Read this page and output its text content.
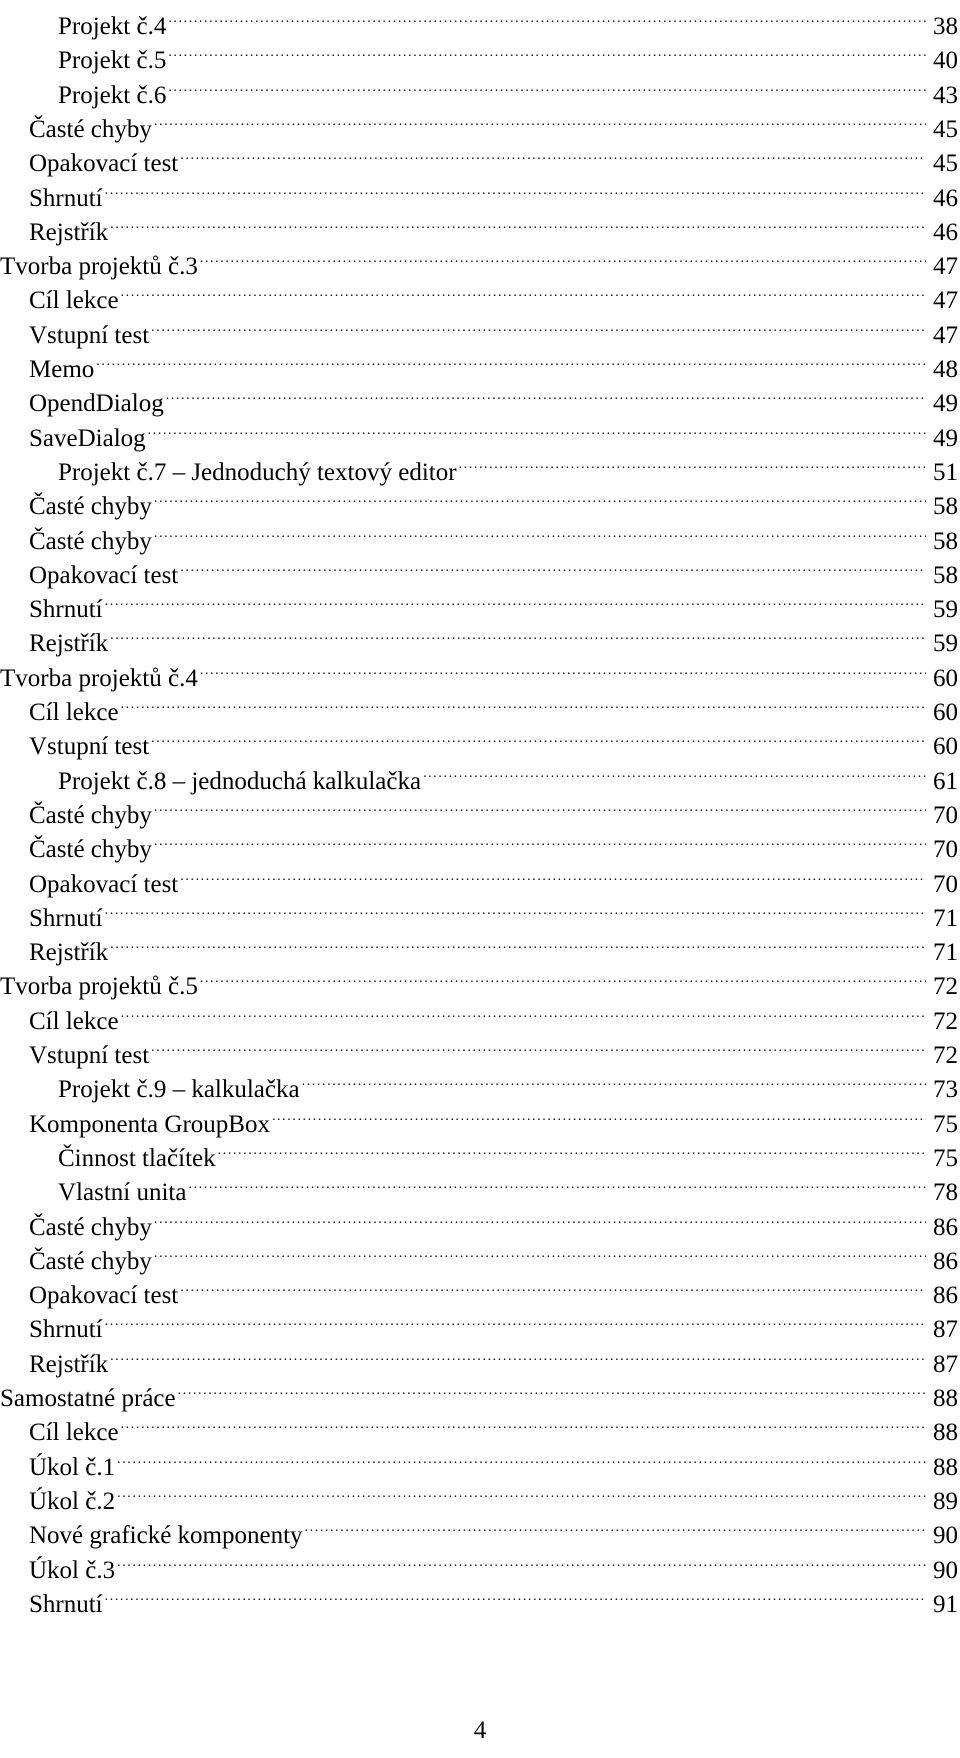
Projekt č.4 .....	38
Projekt č.5 .....	40
Projekt č.6 .....	43
Časté chyby .....	45
Opakovací test .....	45
Shrnutí .....	46
Rejstřík .....	46
Tvorba projektů č.3 .....	47
Cíl lekce .....	47
Vstupní test .....	47
Memo .....	48
OpendDialog .....	49
SaveDialog .....	49
Projekt č.7 – Jednoduchý textový editor .....	51
Časté chyby .....	58
Časté chyby .....	58
Opakovací test .....	58
Shrnutí .....	59
Rejstřík .....	59
Tvorba projektů č.4 .....	60
Cíl lekce .....	60
Vstupní test .....	60
Projekt č.8 – jednoduchá kalkulačka .....	61
Časté chyby .....	70
Časté chyby .....	70
Opakovací test .....	70
Shrnutí .....	71
Rejstřík .....	71
Tvorba projektů č.5 .....	72
Cíl lekce .....	72
Vstupní test .....	72
Projekt č.9 – kalkulačka .....	73
Komponenta GroupBox .....	75
Činnost tlačítek .....	75
Vlastní unita .....	78
Časté chyby .....	86
Časté chyby .....	86
Opakovací test .....	86
Shrnutí .....	87
Rejstřík .....	87
Samostatné práce .....	88
Cíl lekce .....	88
Úkol č.1 .....	88
Úkol č.2 .....	89
Nové grafické komponenty .....	90
Úkol č.3 .....	90
Shrnutí .....	91
4
